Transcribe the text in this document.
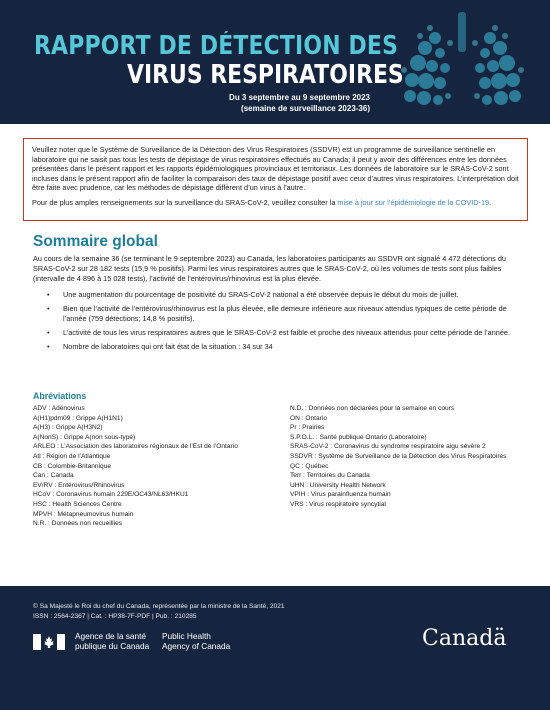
RAPPORT DE DÉTECTION DES
VIRUS RESPIRATOIRES
Du 3 septembre au 9 septembre 2023
(semaine de surveillance 2023-36)

Veuillez noter que le Système de Surveillance de la Détection des Virus Respiratoires (SSDVR) est un programme de surveillance sentinelle en laboratoire qui ne saisit pas tous les tests de dépistage de virus respiratoires effectués au Canada; il peut y avoir des différences entre les données présentées dans le présent rapport et les rapports épidémiologiques provinciaux et territoriaux. Les données de laboratoire sur le SRAS-CoV-2 sont incluses dans le présent rapport afin de faciliter la comparaison des taux de dépistage positif avec ceux d’autres virus respiratoires. L’interprétation doit être faite avec prudence, car les méthodes de dépistage diffèrent d’un virus à l’autre.

Pour de plus amples renseignements sur la surveillance du SRAS-CoV-2, veuillez consulter la mise à jour sur l’épidémiologie de la COVID-19.

Sommaire global

Au cours de la semaine 36 (se terminant le 9 septembre 2023) au Canada, les laboratoires participants au SSDVR ont signalé 4 472 détections du SRAS-CoV-2 sur 28 182 tests (15,9 % positifs). Parmi les virus respiratoires autres que le SRAS-CoV-2, où les volumes de tests sont plus faibles (intervalle de 4 896 à 15 028 tests), l’activité de l’entérovirus/rhinovirus est la plus élevée.

• Une augmentation du pourcentage de positivité du SRAS-CoV-2 national a été observée depuis le début du mois de juillet.
• Bien que l’activité de l’entérovirus/rhinovirus est la plus élevée, elle demeure inférieure aux niveaux attendus typiques de cette période de l’année (759 détections; 14,8 % positifs).
• L’activité de tous les virus respiratoires autres que le SRAS-CoV-2 est faible et proche des niveaux attendus pour cette période de l’année.
• Nombre de laboratoires qui ont fait état de la situation : 34 sur 34
Abréviations
ADV : Adénovirus
A(H1)pdm09 : Grippe A(H1N1)
A(H3) : Grippe A(H3N2)
A(NonS) : Grippe A(non sous-typé)
ARLEO : L’Association des laboratoires régionaux de l’Est de l’Ontario
Atl : Région de l’Atlantique
CB : Colombie-Britannique
Can : Canada
EV/RV : Entérovirus/Rhinovirus
HCoV : Coronavirus humain 229E/OC43/NL63/HKU1
HSC : Health Sciences Centre
MPVH : Métapneumovirus humain
N.R. : Données non recueillies
N.D. : Données non déclarées pour la semaine en cours
ON : Ontario
Pr : Prairies
S.P.O.L. : Santé publique Ontario (Laboratoire)
SRAS-CoV-2 : Coronavirus du syndrome respiratoire aigu sévère 2
SSDVR : Système de Surveillance de la Détection des Virus Respiratoires
QC : Québec
Terr : Territoires du Canada
UHN : University Health Network
VPIH : Virus parainfluenza humain
VRS : Virus respiratoire syncytial
© Sa Majesté le Roi du chef du Canada, représentée par la ministre de la Santé, 2021
ISSN : 2564-2367 | Cat. : HP38-7F-PDF | Pub. : 210285
Agence de la santé
publique du Canada
Public Health
Agency of Canada	Canadä
